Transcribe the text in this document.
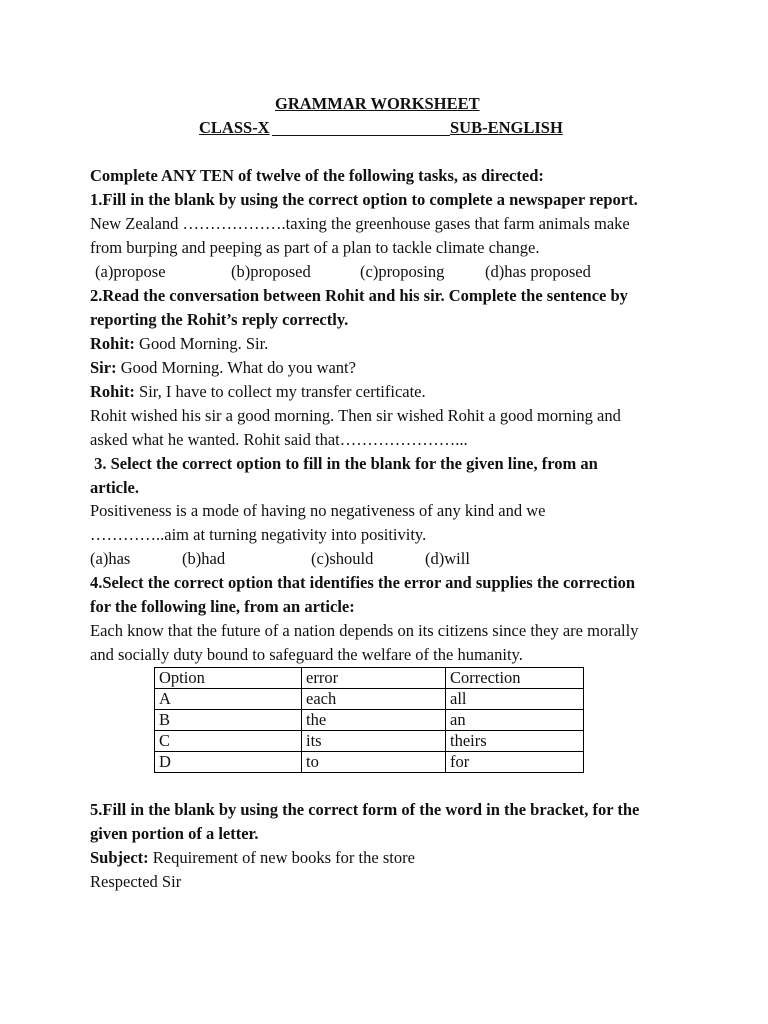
GRAMMAR WORKSHEET
CLASS-X	SUB-ENGLISH
Complete ANY TEN of twelve of the following tasks, as directed:
1.Fill in the blank by using the correct option to complete a newspaper report.
New Zealand ……………….taxing the greenhouse gases that farm animals make
from burping and peeping as part of a plan to tackle climate change.
(a)propose	(b)proposed	(c)proposing (d)has proposed
2.Read the conversation between Rohit and his sir. Complete the sentence by
reporting the Rohit’s reply correctly.
Rohit: Good Morning. Sir.
Sir: Good Morning. What do you want?
Rohit: Sir, I have to collect my transfer certificate.
Rohit wished his sir a good morning. Then sir wished Rohit a good morning and
asked what he wanted. Rohit said that…………………...
3. Select the correct option to fill in the blank for the given line, from an
article.
Positiveness is a mode of having no negativeness of any kind and we
…………..aim at turning negativity into positivity.
(a)has	(b)had	(c)should	(d)will
4.Select the correct option that identifies the error and supplies the correction
for the following line, from an article:
Each know that the future of a nation depends on its citizens since they are morally
and socially duty bound to safeguard the welfare of the humanity.
Option	error	Correction
A	each	all
B	the	an
C	its	theirs
D	to	for
5.Fill in the blank by using the correct form of the word in the bracket, for the
given portion of a letter.
Subject: Requirement of new books for the store
Respected Sir
